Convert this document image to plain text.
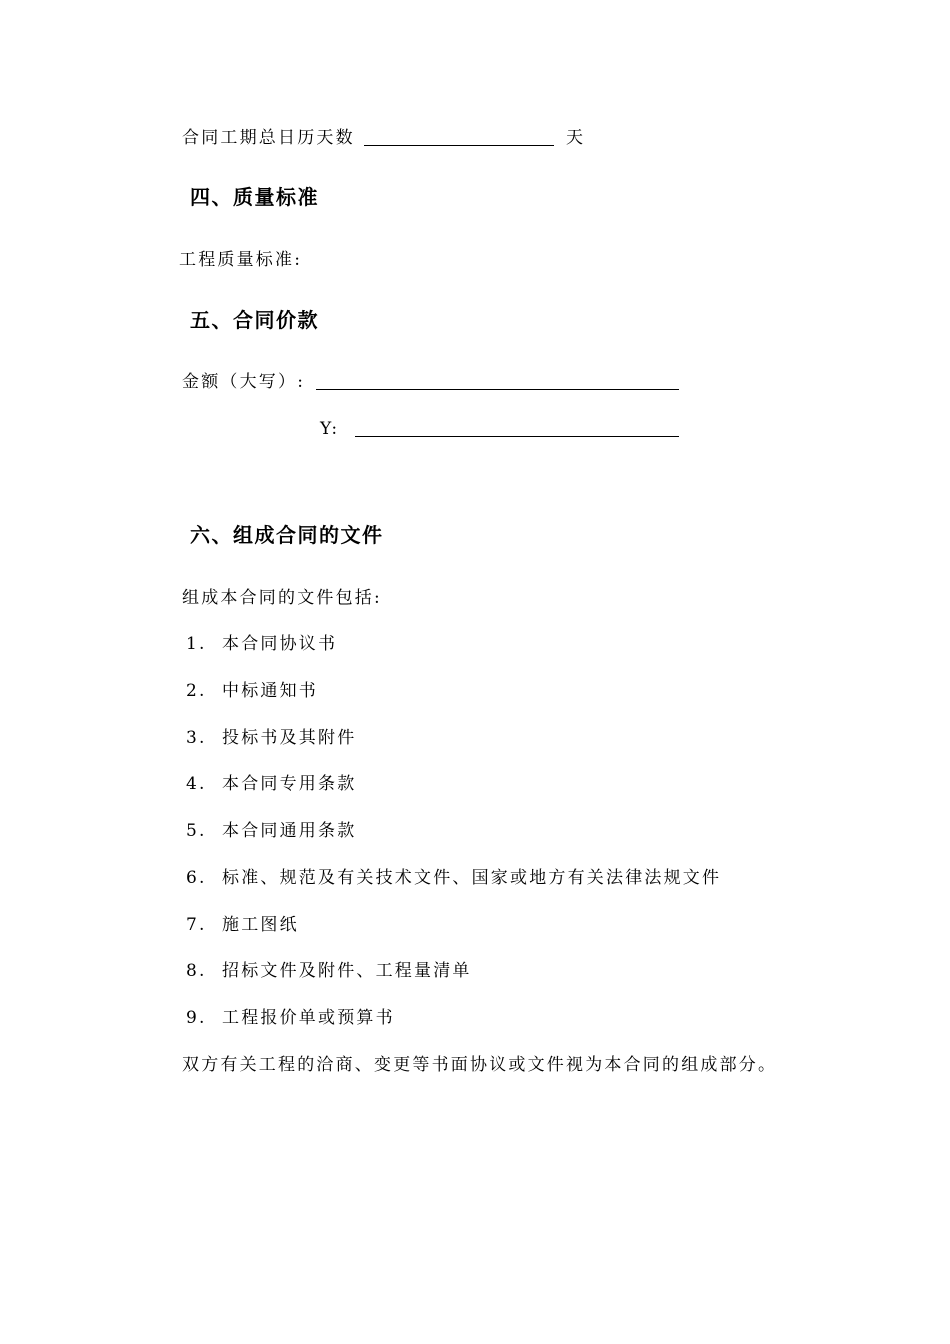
合同工期总日历天数	天
四、质量标准
工程质量标准:
五、合同价款
金额（大写）:
Y:
六、组成合同的文件
组成本合同的文件包括:
1. 本合同协议书
2. 中标通知书
3. 投标书及其附件
4. 本合同专用条款
5. 本合同通用条款
6. 标准、规范及有关技术文件、国家或地方有关法律法规文件
7. 施工图纸
8. 招标文件及附件、工程量清单
9. 工程报价单或预算书
双方有关工程的洽商、变更等书面协议或文件视为本合同的组成部分。
